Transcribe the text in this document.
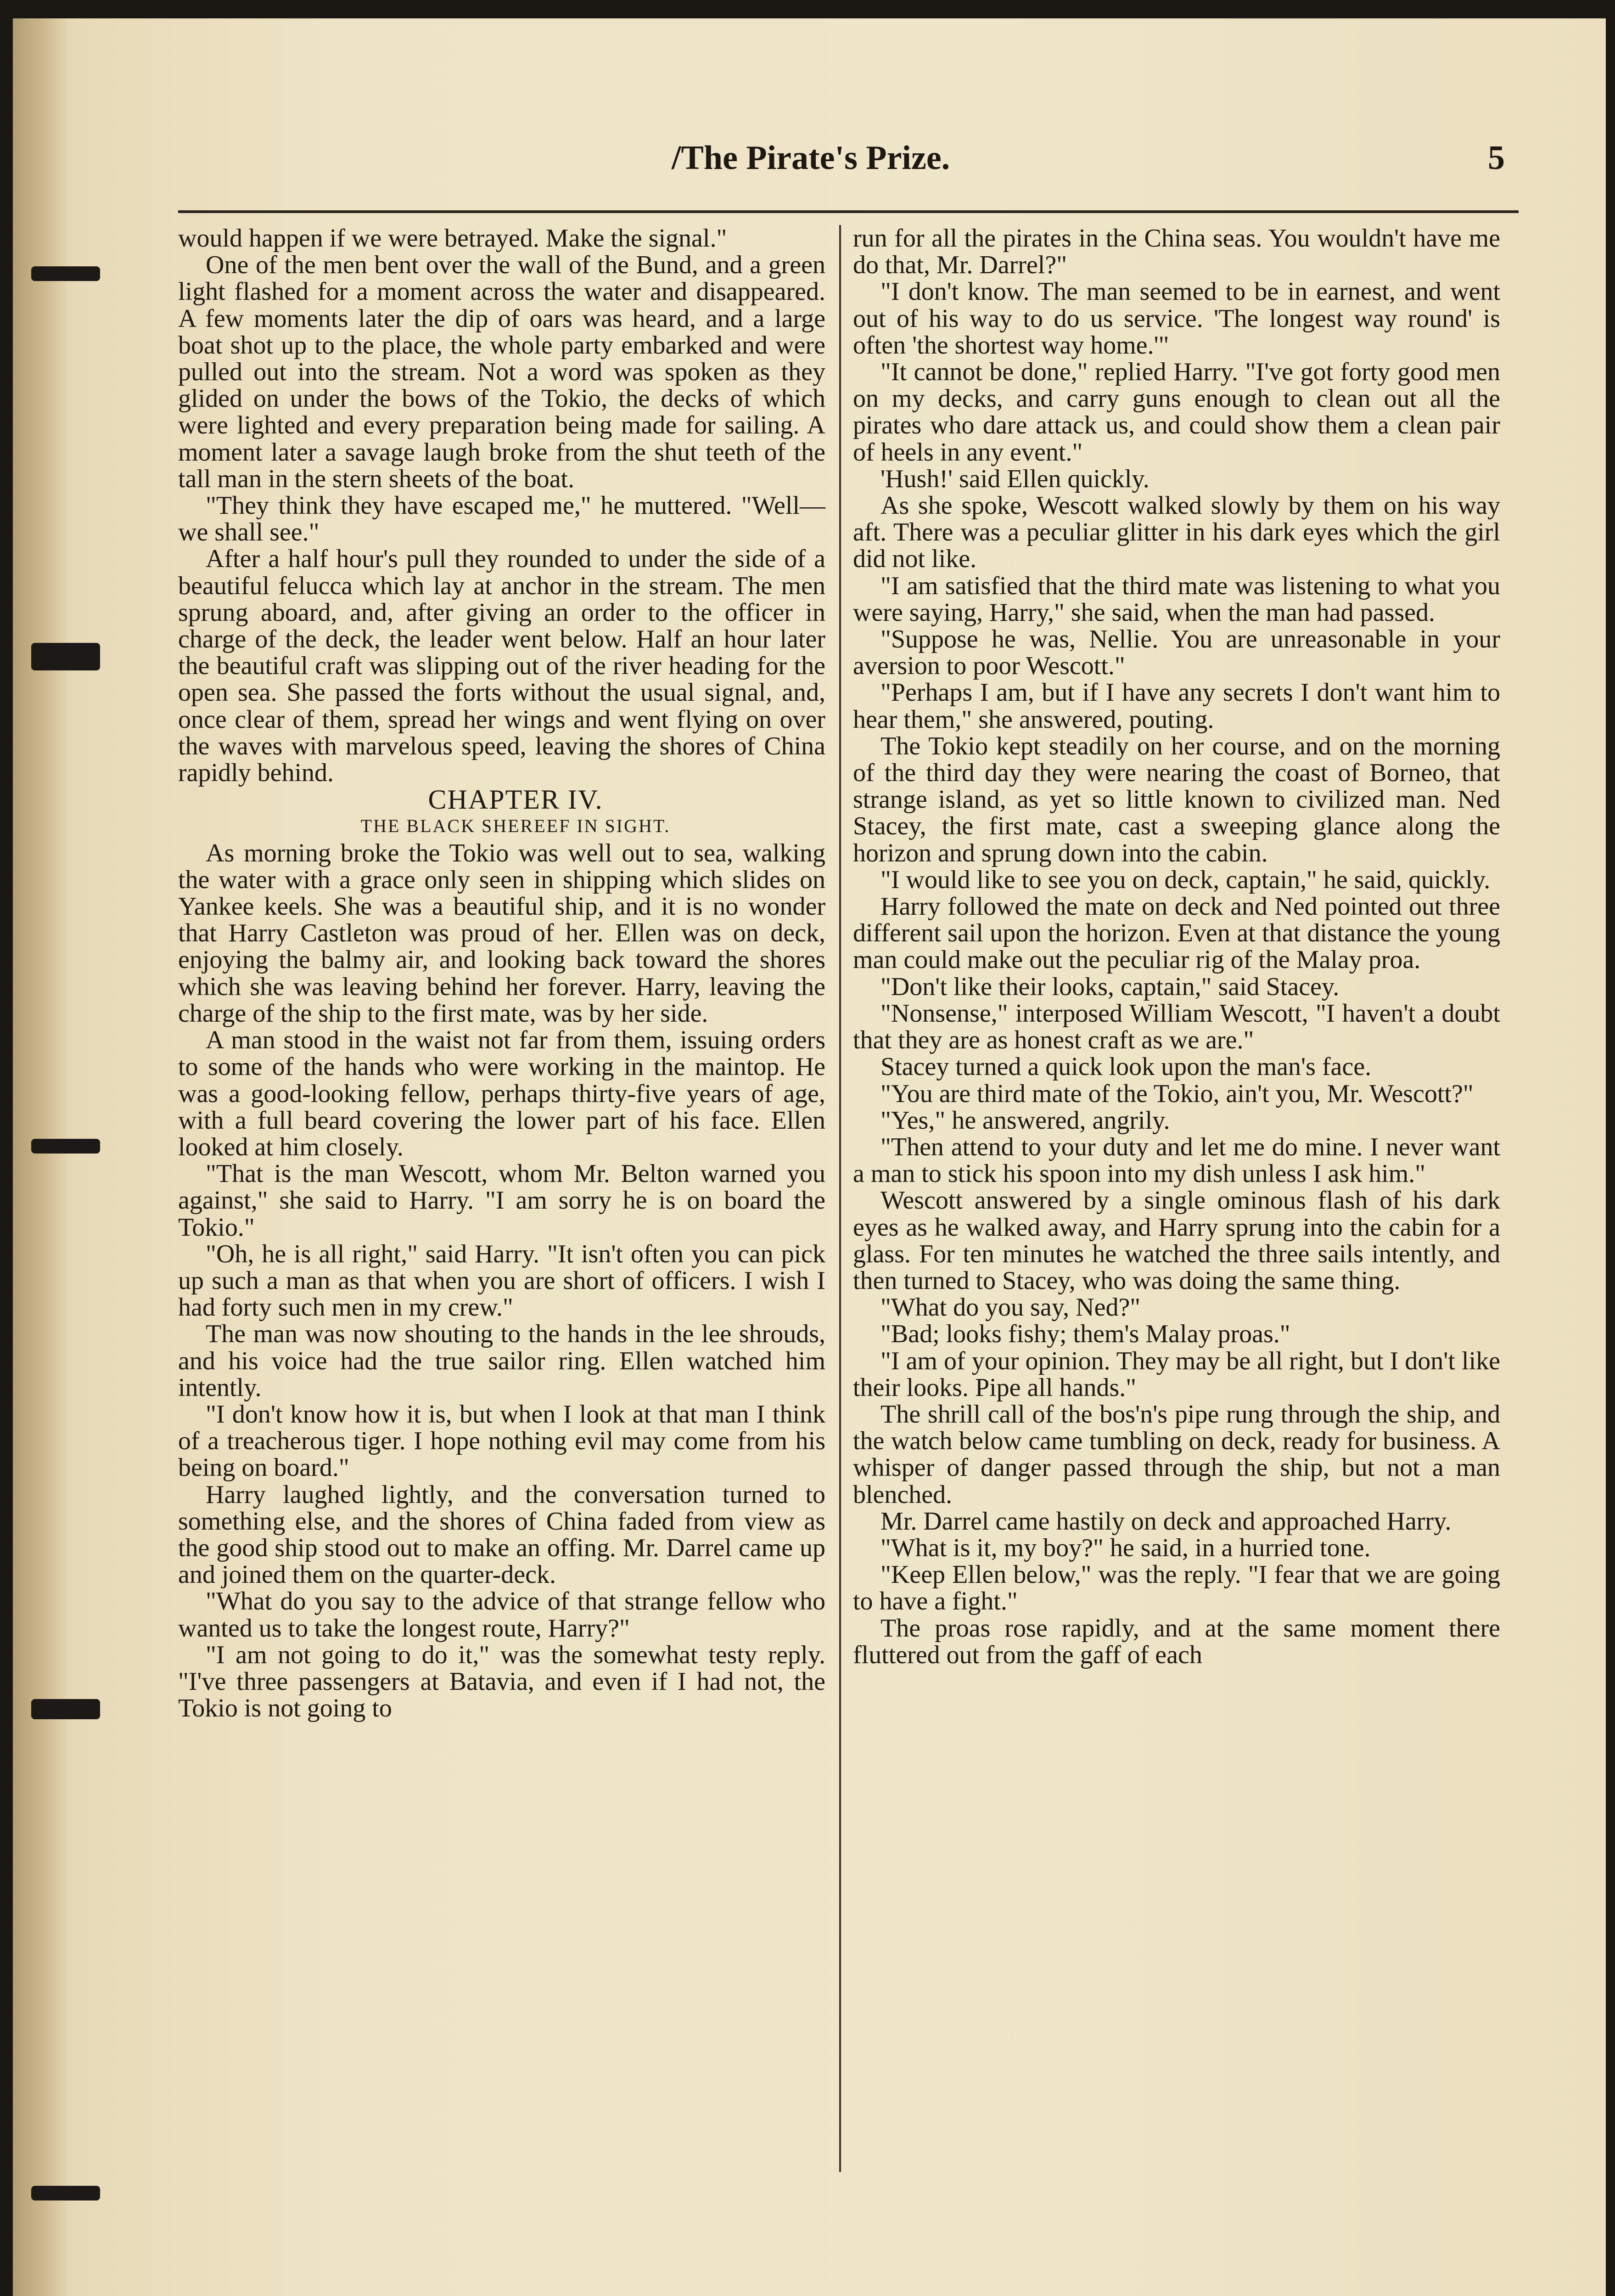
/The Pirate's Prize.	5

would happen if we were betrayed. Make the signal."

One of the men bent over the wall of the Bund, and a green light flashed for a moment across the water and disappeared. A few moments later the dip of oars was heard, and a large boat shot up to the place, the whole party embarked and were pulled out into the stream. Not a word was spoken as they glided on under the bows of the Tokio, the decks of which were lighted and every preparation being made for sailing. A moment later a savage laugh broke from the shut teeth of the tall man in the stern sheets of the boat.

"They think they have escaped me," he muttered. "Well—we shall see."

After a half hour's pull they rounded to under the side of a beautiful felucca which lay at anchor in the stream. The men sprung aboard, and, after giving an order to the officer in charge of the deck, the leader went below. Half an hour later the beautiful craft was slipping out of the river heading for the open sea. She passed the forts without the usual signal, and, once clear of them, spread her wings and went flying on over the waves with marvelous speed, leaving the shores of China rapidly behind.

CHAPTER IV.

THE BLACK SHEREEF IN SIGHT.

As morning broke the Tokio was well out to sea, walking the water with a grace only seen in shipping which slides on Yankee keels. She was a beautiful ship, and it is no wonder that Harry Castleton was proud of her. Ellen was on deck, enjoying the balmy air, and looking back toward the shores which she was leaving behind her forever. Harry, leaving the charge of the ship to the first mate, was by her side.

A man stood in the waist not far from them, issuing orders to some of the hands who were working in the maintop. He was a good-looking fellow, perhaps thirty-five years of age, with a full beard covering the lower part of his face. Ellen looked at him closely.

"That is the man Wescott, whom Mr. Belton warned you against," she said to Harry. "I am sorry he is on board the Tokio."

"Oh, he is all right," said Harry. "It isn't often you can pick up such a man as that when you are short of officers. I wish I had forty such men in my crew."

The man was now shouting to the hands in the lee shrouds, and his voice had the true sailor ring. Ellen watched him intently.

"I don't know how it is, but when I look at that man I think of a treacherous tiger. I hope nothing evil may come from his being on board."

Harry laughed lightly, and the conversation turned to something else, and the shores of China faded from view as the good ship stood out to make an offing. Mr. Darrel came up and joined them on the quarter-deck.

"What do you say to the advice of that strange fellow who wanted us to take the longest route, Harry?"

"I am not going to do it," was the somewhat testy reply. "I've three passengers at Batavia, and even if I had not, the Tokio is not going to

run for all the pirates in the China seas. You wouldn't have me do that, Mr. Darrel?"

"I don't know. The man seemed to be in earnest, and went out of his way to do us service. 'The longest way round' is often 'the shortest way home.'"

"It cannot be done," replied Harry. "I've got forty good men on my decks, and carry guns enough to clean out all the pirates who dare attack us, and could show them a clean pair of heels in any event."

'Hush!' said Ellen quickly.

As she spoke, Wescott walked slowly by them on his way aft. There was a peculiar glitter in his dark eyes which the girl did not like.

"I am satisfied that the third mate was listening to what you were saying, Harry," she said, when the man had passed.

"Suppose he was, Nellie. You are unreasonable in your aversion to poor Wescott."

"Perhaps I am, but if I have any secrets I don't want him to hear them," she answered, pouting.

The Tokio kept steadily on her course, and on the morning of the third day they were nearing the coast of Borneo, that strange island, as yet so little known to civilized man. Ned Stacey, the first mate, cast a sweeping glance along the horizon and sprung down into the cabin.

"I would like to see you on deck, captain," he said, quickly.

Harry followed the mate on deck and Ned pointed out three different sail upon the horizon. Even at that distance the young man could make out the peculiar rig of the Malay proa.

"Don't like their looks, captain," said Stacey.

"Nonsense," interposed William Wescott, "I haven't a doubt that they are as honest craft as we are."

Stacey turned a quick look upon the man's face.

"You are third mate of the Tokio, ain't you, Mr. Wescott?"

"Yes," he answered, angrily.

"Then attend to your duty and let me do mine. I never want a man to stick his spoon into my dish unless I ask him."

Wescott answered by a single ominous flash of his dark eyes as he walked away, and Harry sprung into the cabin for a glass. For ten minutes he watched the three sails intently, and then turned to Stacey, who was doing the same thing.

"What do you say, Ned?"

"Bad; looks fishy; them's Malay proas."

"I am of your opinion. They may be all right, but I don't like their looks. Pipe all hands."

The shrill call of the bos'n's pipe rung through the ship, and the watch below came tumbling on deck, ready for business. A whisper of danger passed through the ship, but not a man blenched.

Mr. Darrel came hastily on deck and approached Harry.

"What is it, my boy?" he said, in a hurried tone.

"Keep Ellen below," was the reply. "I fear that we are going to have a fight."

The proas rose rapidly, and at the same moment there fluttered out from the gaff of each
